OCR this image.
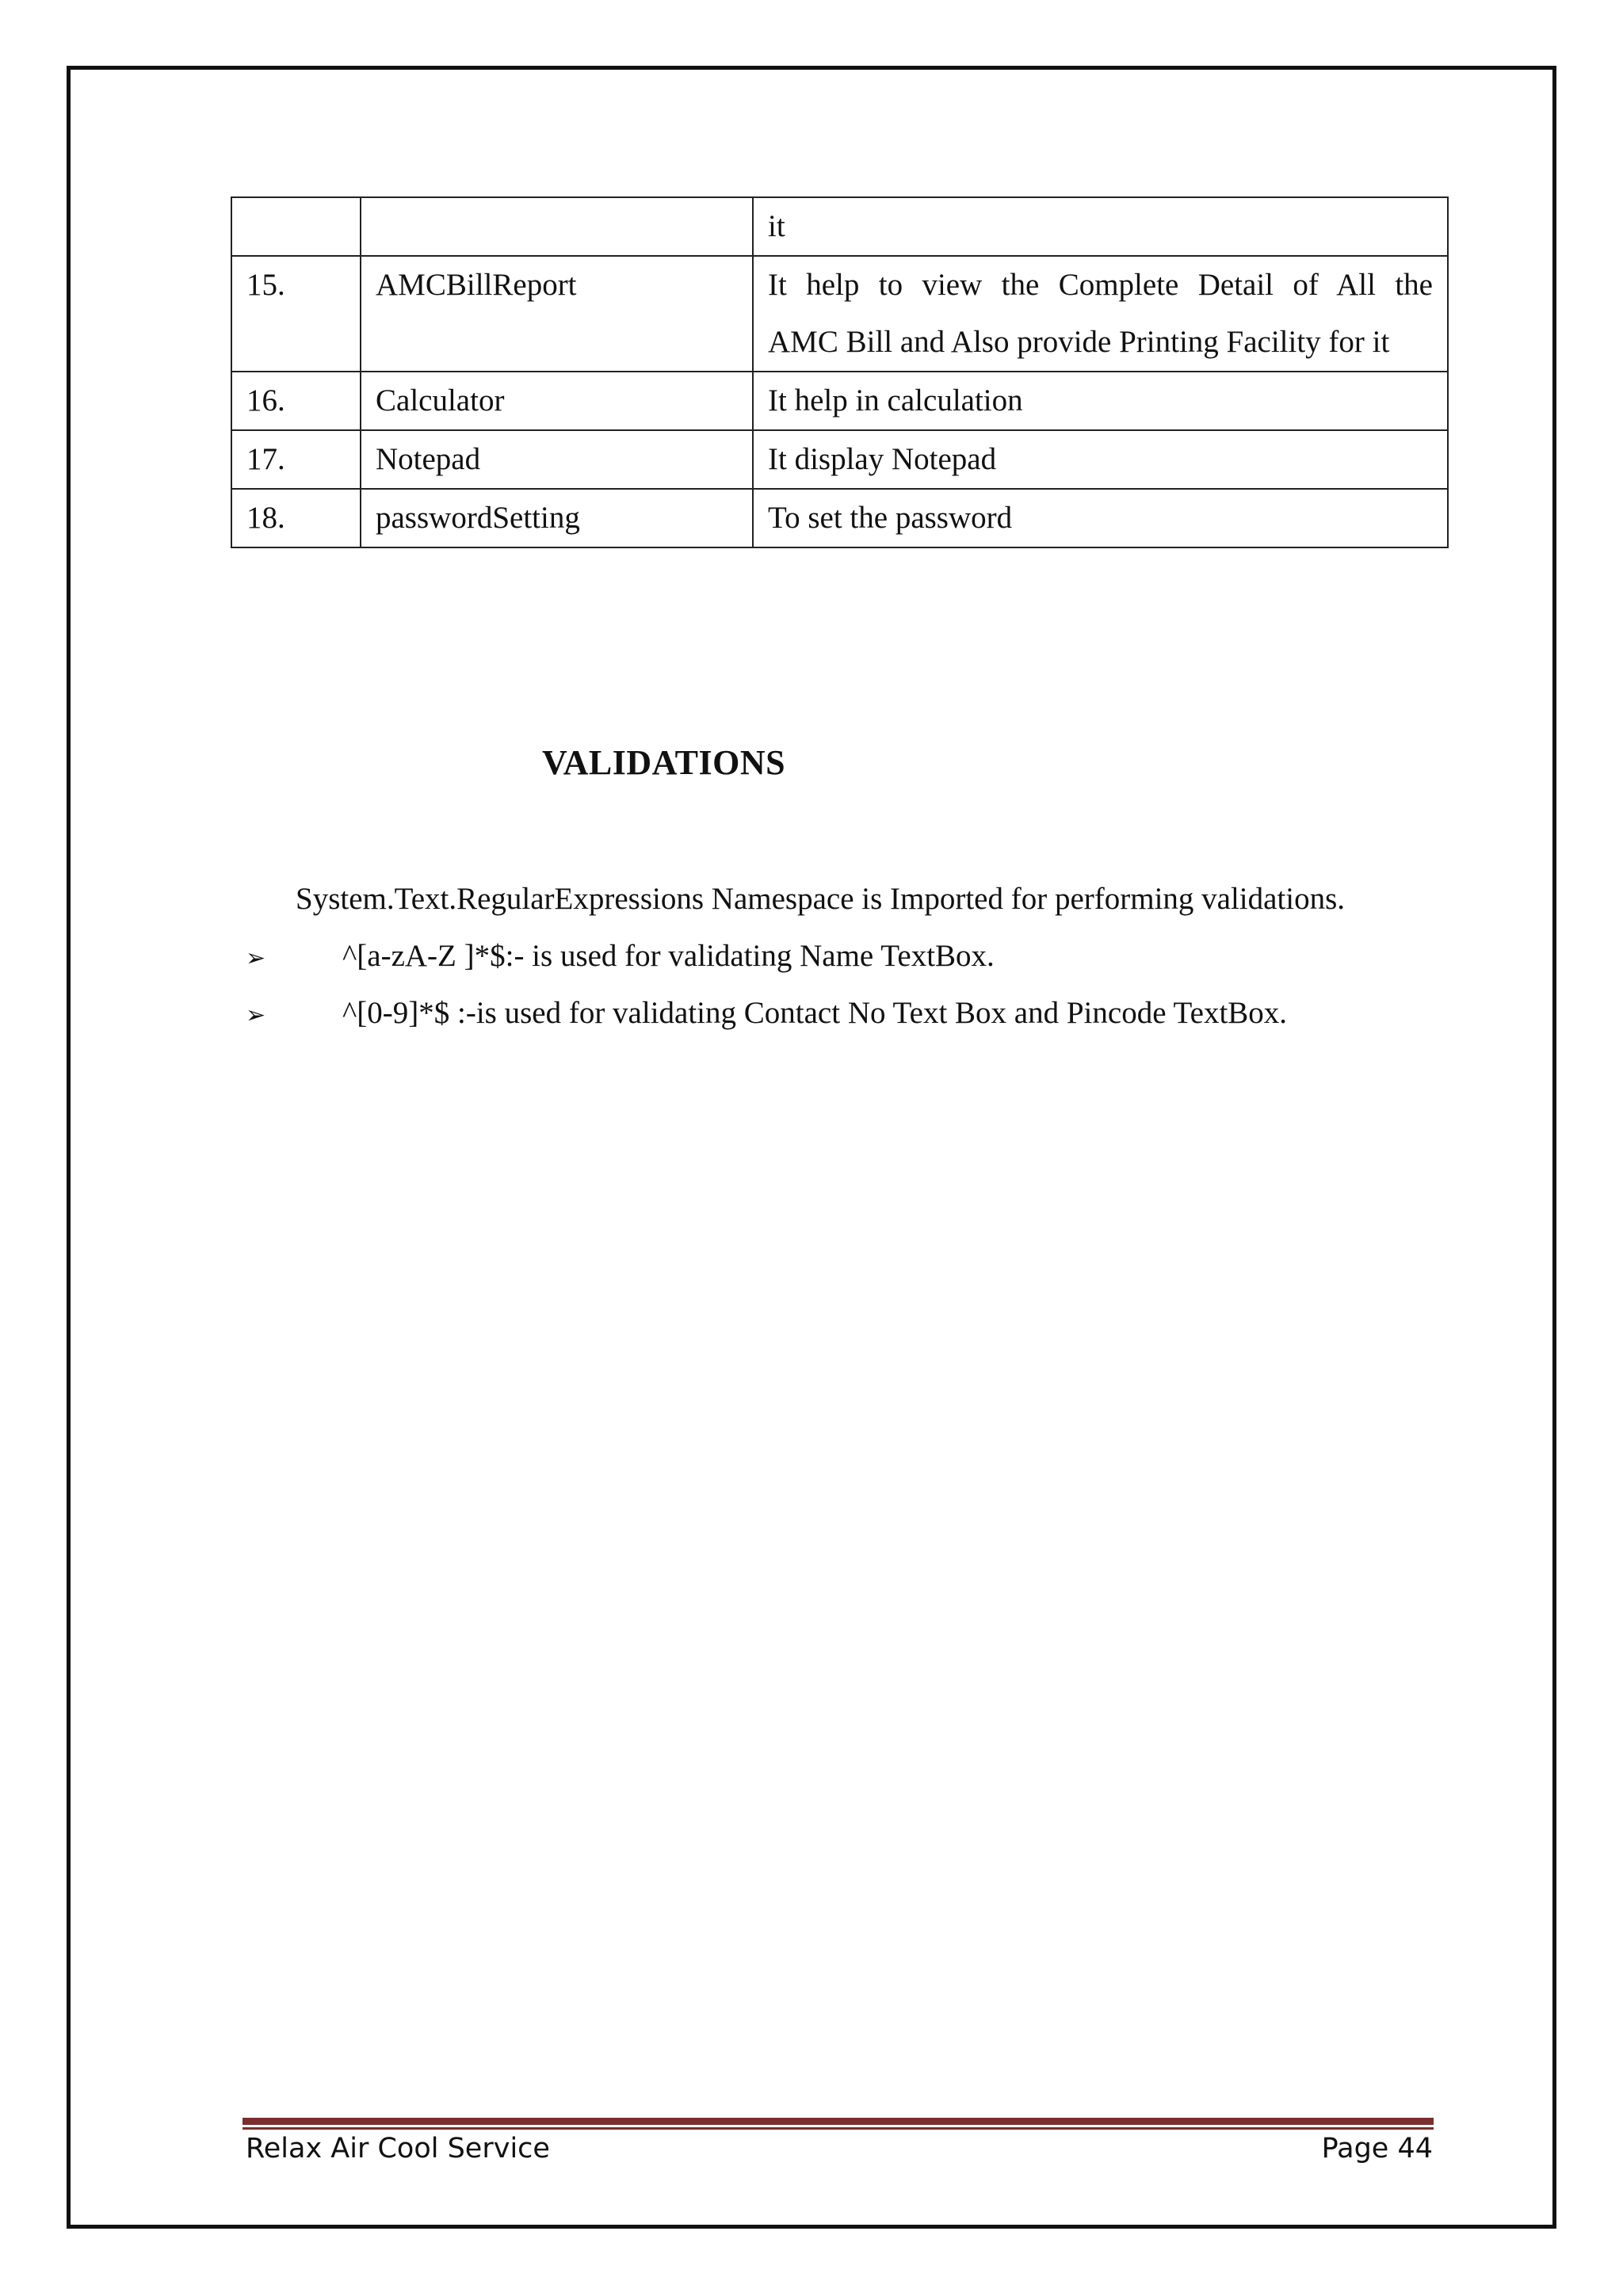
		it

15.	AMCBillReport	It help to view the Complete Detail of All the
AMC Bill and Also provide Printing Facility for it

16.	Calculator	It help in calculation

17.	Notepad	It display Notepad

18.	passwordSetting	To set the password
VALIDATIONS

System.Text.RegularExpressions Namespace is Imported for performing validations.

➢ ^[a-zA-Z ]*$:- is used for validating Name TextBox.

➢ ^[0-9]*$ :-is used for validating Contact No Text Box and Pincode TextBox.

Relax Air Cool Service	Page 44
